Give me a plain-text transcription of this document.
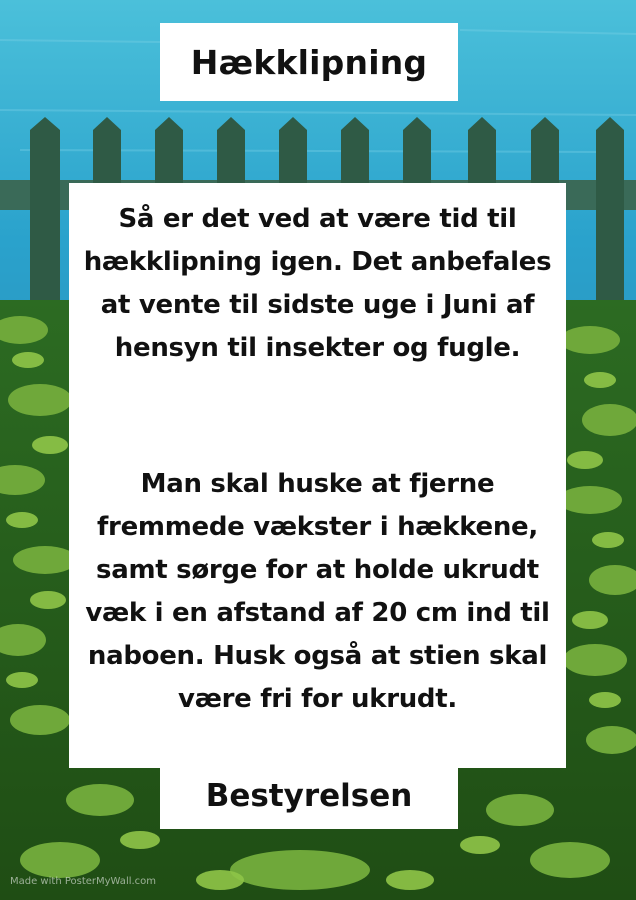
Hækklipning

Så er det ved at være tid til hækklipning igen. Det anbefales at vente til sidste uge i Juni af hensyn til insekter og fugle.

Man skal huske at fjerne fremmede vækster i hækkene, samt sørge for at holde ukrudt væk i en afstand af 20 cm ind til naboen. Husk også at stien skal være fri for ukrudt.

Bestyrelsen

Made with PosterMyWall.com
